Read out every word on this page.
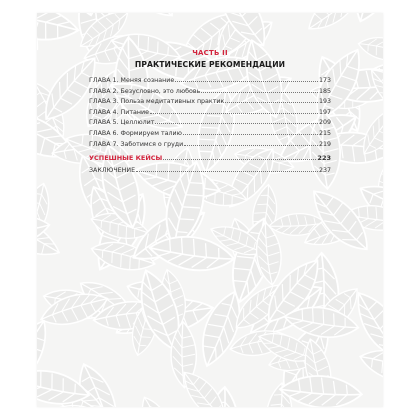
ЧАСТЬ II
ПРАКТИЧЕСКИЕ РЕКОМЕНДАЦИИ
ГЛАВА 1. Меняя сознание	173
ГЛАВА 2. Безусловно, это любовь	185
ГЛАВА 3. Польза медитативных практик	193
ГЛАВА 4. Питание	197
ГЛАВА 5. Целлюлит	209
ГЛАВА 6. Формируем талию	215
ГЛАВА 7. Заботимся о груди	219
УСПЕШНЫЕ КЕЙСЫ	223
ЗАКЛЮЧЕНИЕ	237
